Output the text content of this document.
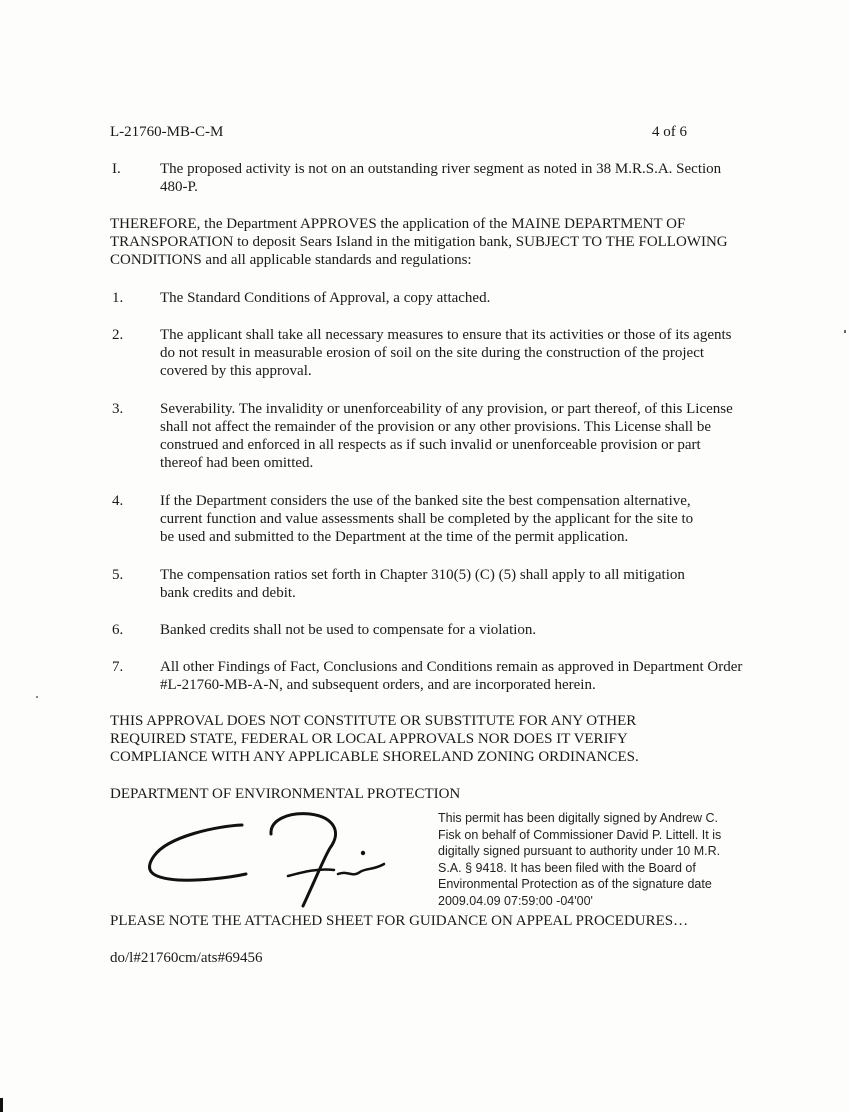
L-21760-MB-C-M	4 of 6
I.	The proposed activity is not on an outstanding river segment as noted in 38 M.R.S.A. Section
480-P.
THEREFORE, the Department APPROVES the application of the MAINE DEPARTMENT OF
TRANSPORATION to deposit Sears Island in the mitigation bank, SUBJECT TO THE FOLLOWING
CONDITIONS and all applicable standards and regulations:
1. The Standard Conditions of Approval, a copy attached.
2. The applicant shall take all necessary measures to ensure that its activities or those of its agents
do not result in measurable erosion of soil on the site during the construction of the project
covered by this approval.
3. Severability. The invalidity or unenforceability of any provision, or part thereof, of this License
shall not affect the remainder of the provision or any other provisions. This License shall be
construed and enforced in all respects as if such invalid or unenforceable provision or part
thereof had been omitted.
4. If the Department considers the use of the banked site the best compensation alternative,
current function and value assessments shall be completed by the applicant for the site to
be used and submitted to the Department at the time of the permit application.
5. The compensation ratios set forth in Chapter 310(5) (C) (5) shall apply to all mitigation
bank credits and debit.
6. Banked credits shall not be used to compensate for a violation.
7. All other Findings of Fact, Conclusions and Conditions remain as approved in Department Order
#L-21760-MB-A-N, and subsequent orders, and are incorporated herein.
THIS APPROVAL DOES NOT CONSTITUTE OR SUBSTITUTE FOR ANY OTHER
REQUIRED STATE, FEDERAL OR LOCAL APPROVALS NOR DOES IT VERIFY
COMPLIANCE WITH ANY APPLICABLE SHORELAND ZONING ORDINANCES.
DEPARTMENT OF ENVIRONMENTAL PROTECTION
This permit has been digitally signed by Andrew C.
Fisk on behalf of Commissioner David P. Littell. It is
digitally signed pursuant to authority under 10 M.R.
S.A. § 9418. It has been filed with the Board of
Environmental Protection as of the signature date
2009.04.09 07:59:00 -04'00'
PLEASE NOTE THE ATTACHED SHEET FOR GUIDANCE ON APPEAL PROCEDURES…
do/l#21760cm/ats#69456
